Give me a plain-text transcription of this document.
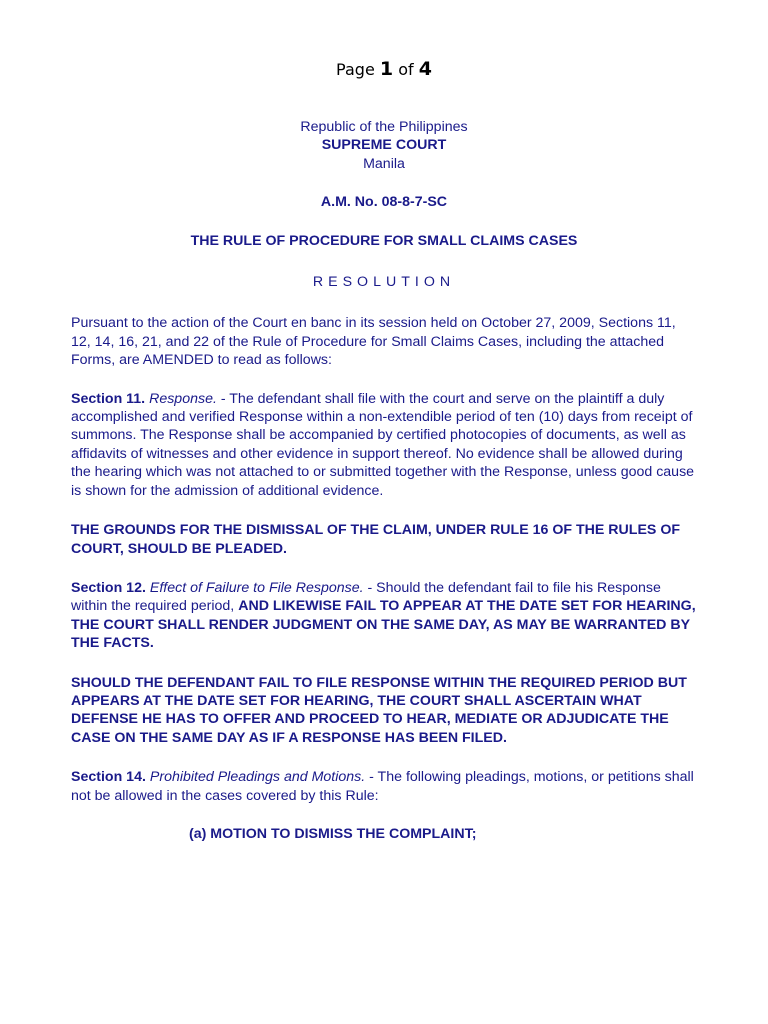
Page 1 of 4

Republic of the Philippines

SUPREME COURT

Manila

A.M. No. 08-8-7-SC

THE RULE OF PROCEDURE FOR SMALL CLAIMS CASES

RESOLUTION

Pursuant to the action of the Court en banc in its session held on October 27, 2009, Sections 11, 12, 14, 16, 21, and 22 of the Rule of Procedure for Small Claims Cases, including the attached Forms, are AMENDED to read as follows:

Section 11. Response. - The defendant shall file with the court and serve on the plaintiff a duly accomplished and verified Response within a non-extendible period of ten (10) days from receipt of summons. The Response shall be accompanied by certified photocopies of documents, as well as affidavits of witnesses and other evidence in support thereof. No evidence shall be allowed during the hearing which was not attached to or submitted together with the Response, unless good cause is shown for the admission of additional evidence.

THE GROUNDS FOR THE DISMISSAL OF THE CLAIM, UNDER RULE 16 OF THE RULES OF COURT, SHOULD BE PLEADED.

Section 12. Effect of Failure to File Response. - Should the defendant fail to file his Response within the required period, AND LIKEWISE FAIL TO APPEAR AT THE DATE SET FOR HEARING, THE COURT SHALL RENDER JUDGMENT ON THE SAME DAY, AS MAY BE WARRANTED BY THE FACTS.

SHOULD THE DEFENDANT FAIL TO FILE RESPONSE WITHIN THE REQUIRED PERIOD BUT APPEARS AT THE DATE SET FOR HEARING, THE COURT SHALL ASCERTAIN WHAT DEFENSE HE HAS TO OFFER AND PROCEED TO HEAR, MEDIATE OR ADJUDICATE THE CASE ON THE SAME DAY AS IF A RESPONSE HAS BEEN FILED.

Section 14. Prohibited Pleadings and Motions. - The following pleadings, motions, or petitions shall not be allowed in the cases covered by this Rule:

(a) MOTION TO DISMISS THE COMPLAINT;
